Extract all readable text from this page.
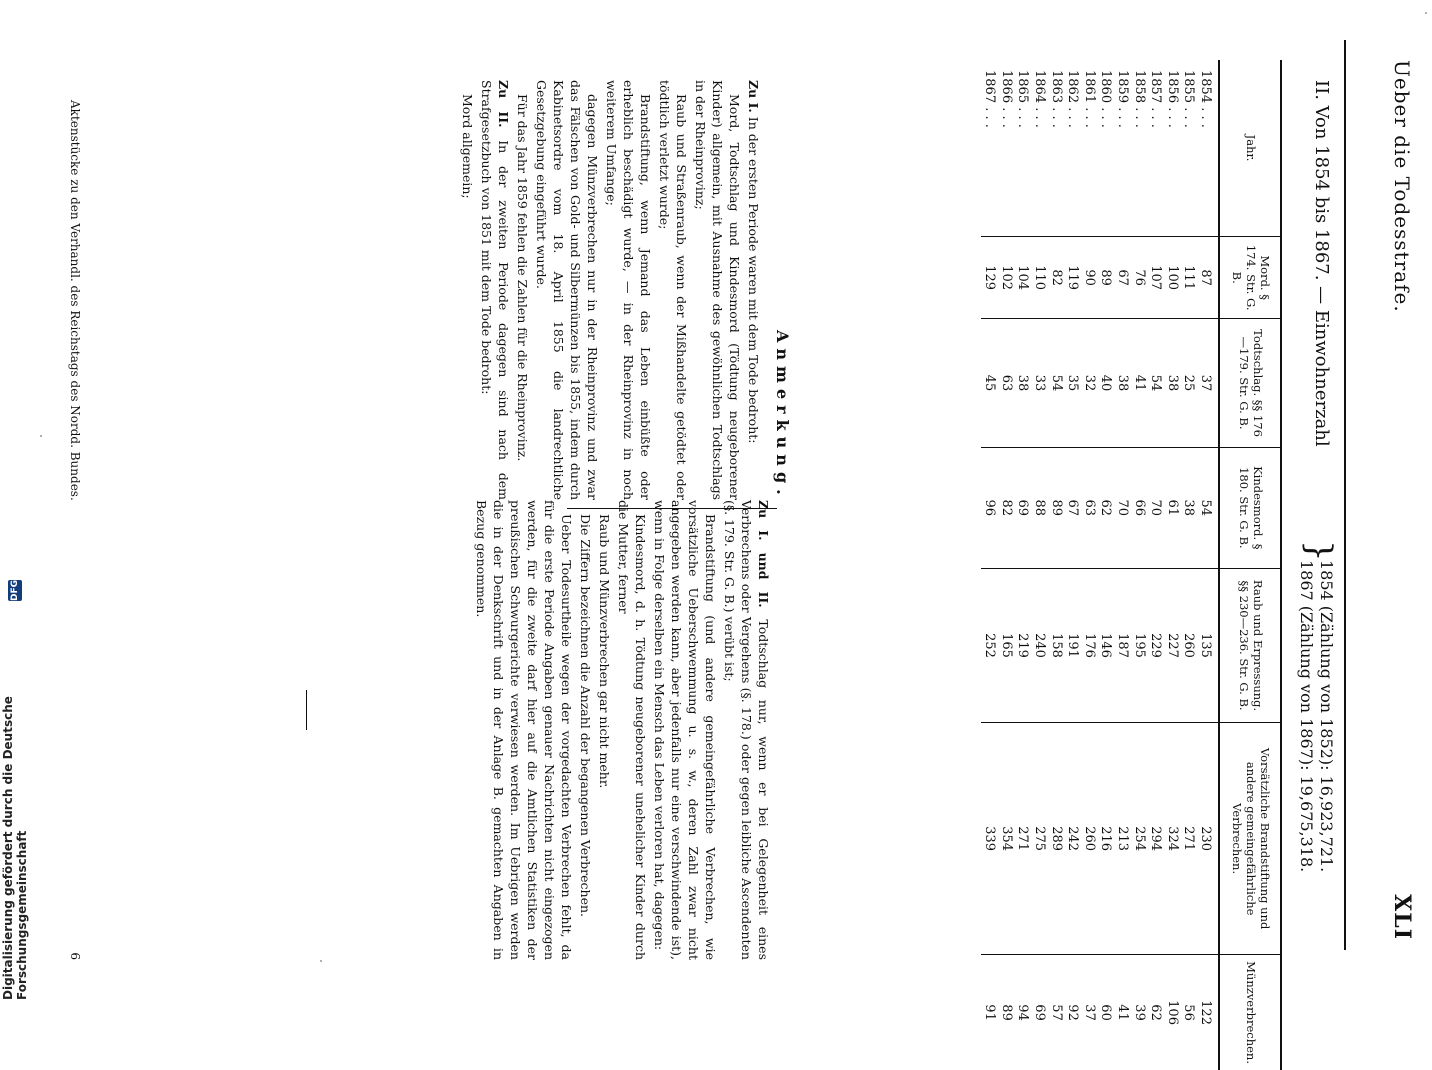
Ueber die Todesstrafe.
XLI
II. Von 1854 bis 1867. — Einwohnerzahl
}
1854 (Zählung von 1852): 16,923,721.
1867 (Zählung von 1867): 19,675,318.
Jahr.	Mord. § 174. Str. G. B.	Todtschlag. §§ 176—179. Str. G. B.	Kindesmord. § 180. Str. G. B.	Raub und Erpressung. §§ 230—236. Str. G. B.	Vorsätzliche Brandstiftung und andere gemeingefährliche Verbrechen.	Münzverbrechen.
1854 . . .	87	37	54	135	230	122
1855 . . .	111	25	38	260	271	56
1856 . . .	100	38	61	227	324	106
1857 . . .	107	54	70	229	294	62
1858 . . .	76	41	66	195	254	39
1859 . . .	67	38	70	187	213	41
1860 . . .	89	40	62	146	216	60
1861 . . .	90	32	63	176	260	37
1862 . . .	119	35	67	191	242	92
1863 . . .	82	54	89	158	289	57
1864 . . .	110	33	88	240	275	69
1865 . . .	104	38	69	219	271	94
1866 . . .	102	63	82	165	354	89
1867 . . .	129	45	96	252	339	91
Anmerkung.

Zu I. In der ersten Periode waren mit dem Tode bedroht:

Mord, Todtschlag und Kindesmord (Tödtung neugeborener Kinder) allgemein, mit Ausnahme des gewöhnlichen Todtschlags in der Rheinprovinz;

Raub und Straßenraub, wenn der Mißhandelte getödtet oder tödtlich verletzt wurde;

Brandstiftung, wenn Jemand das Leben einbüßte oder erheblich beschädigt wurde, — in der Rheinprovinz in noch weiterem Umfange;

dagegen Münzverbrechen nur in der Rheinprovinz und zwar das Fälschen von Gold- und Silbermünzen bis 1855, indem durch Kabinetsordre vom 18. April 1855 die landrechtliche Gesetzgebung eingeführt wurde.

Für das Jahr 1859 fehlen die Zahlen für die Rheinprovinz.

Zu II. In der zweiten Periode dagegen sind nach dem Strafgesetzbuch von 1851 mit dem Tode bedroht:

Mord allgemein;

Zu I. und II. Todtschlag nur, wenn er bei Gelegenheit eines Verbrechens oder Vergehens (§. 178.) oder gegen leibliche Ascendenten (§. 179. Str. G. B.) verübt ist;

Brandstiftung (und andere gemeingefährliche Verbrechen, wie vorsätzliche Ueberschwemmung u. s. w., deren Zahl zwar nicht angegeben werden kann, aber jedenfalls nur eine verschwindende ist), wenn in Folge derselben ein Mensch das Leben verloren hat, dagegen:

Kindesmord, d. h. Tödtung neugeborener unehelicher Kinder durch die Mutter, ferner

Raub und Münzverbrechen gar nicht mehr.

Die Ziffern bezeichnen die Anzahl der begangenen Verbrechen.

Ueber Todesurtheile wegen der vorgedachten Verbrechen fehlt, da für die erste Periode Angaben genauer Nachrichten nicht eingezogen werden, für die zweite darf hier auf die Amtlichen Statistiken der preußischen Schwurgerichte verwiesen werden. Im Uebrigen werden die in der Denkschrift und in der Anlage B. gemachten Angaben in Bezug genommen.

Aktenstücke zu den Verhandl. des Reichstags des Nordd. Bundes.
6
Digitalisierung gefördert durch die Deutsche Forschungsgemeinschaft
DFG
